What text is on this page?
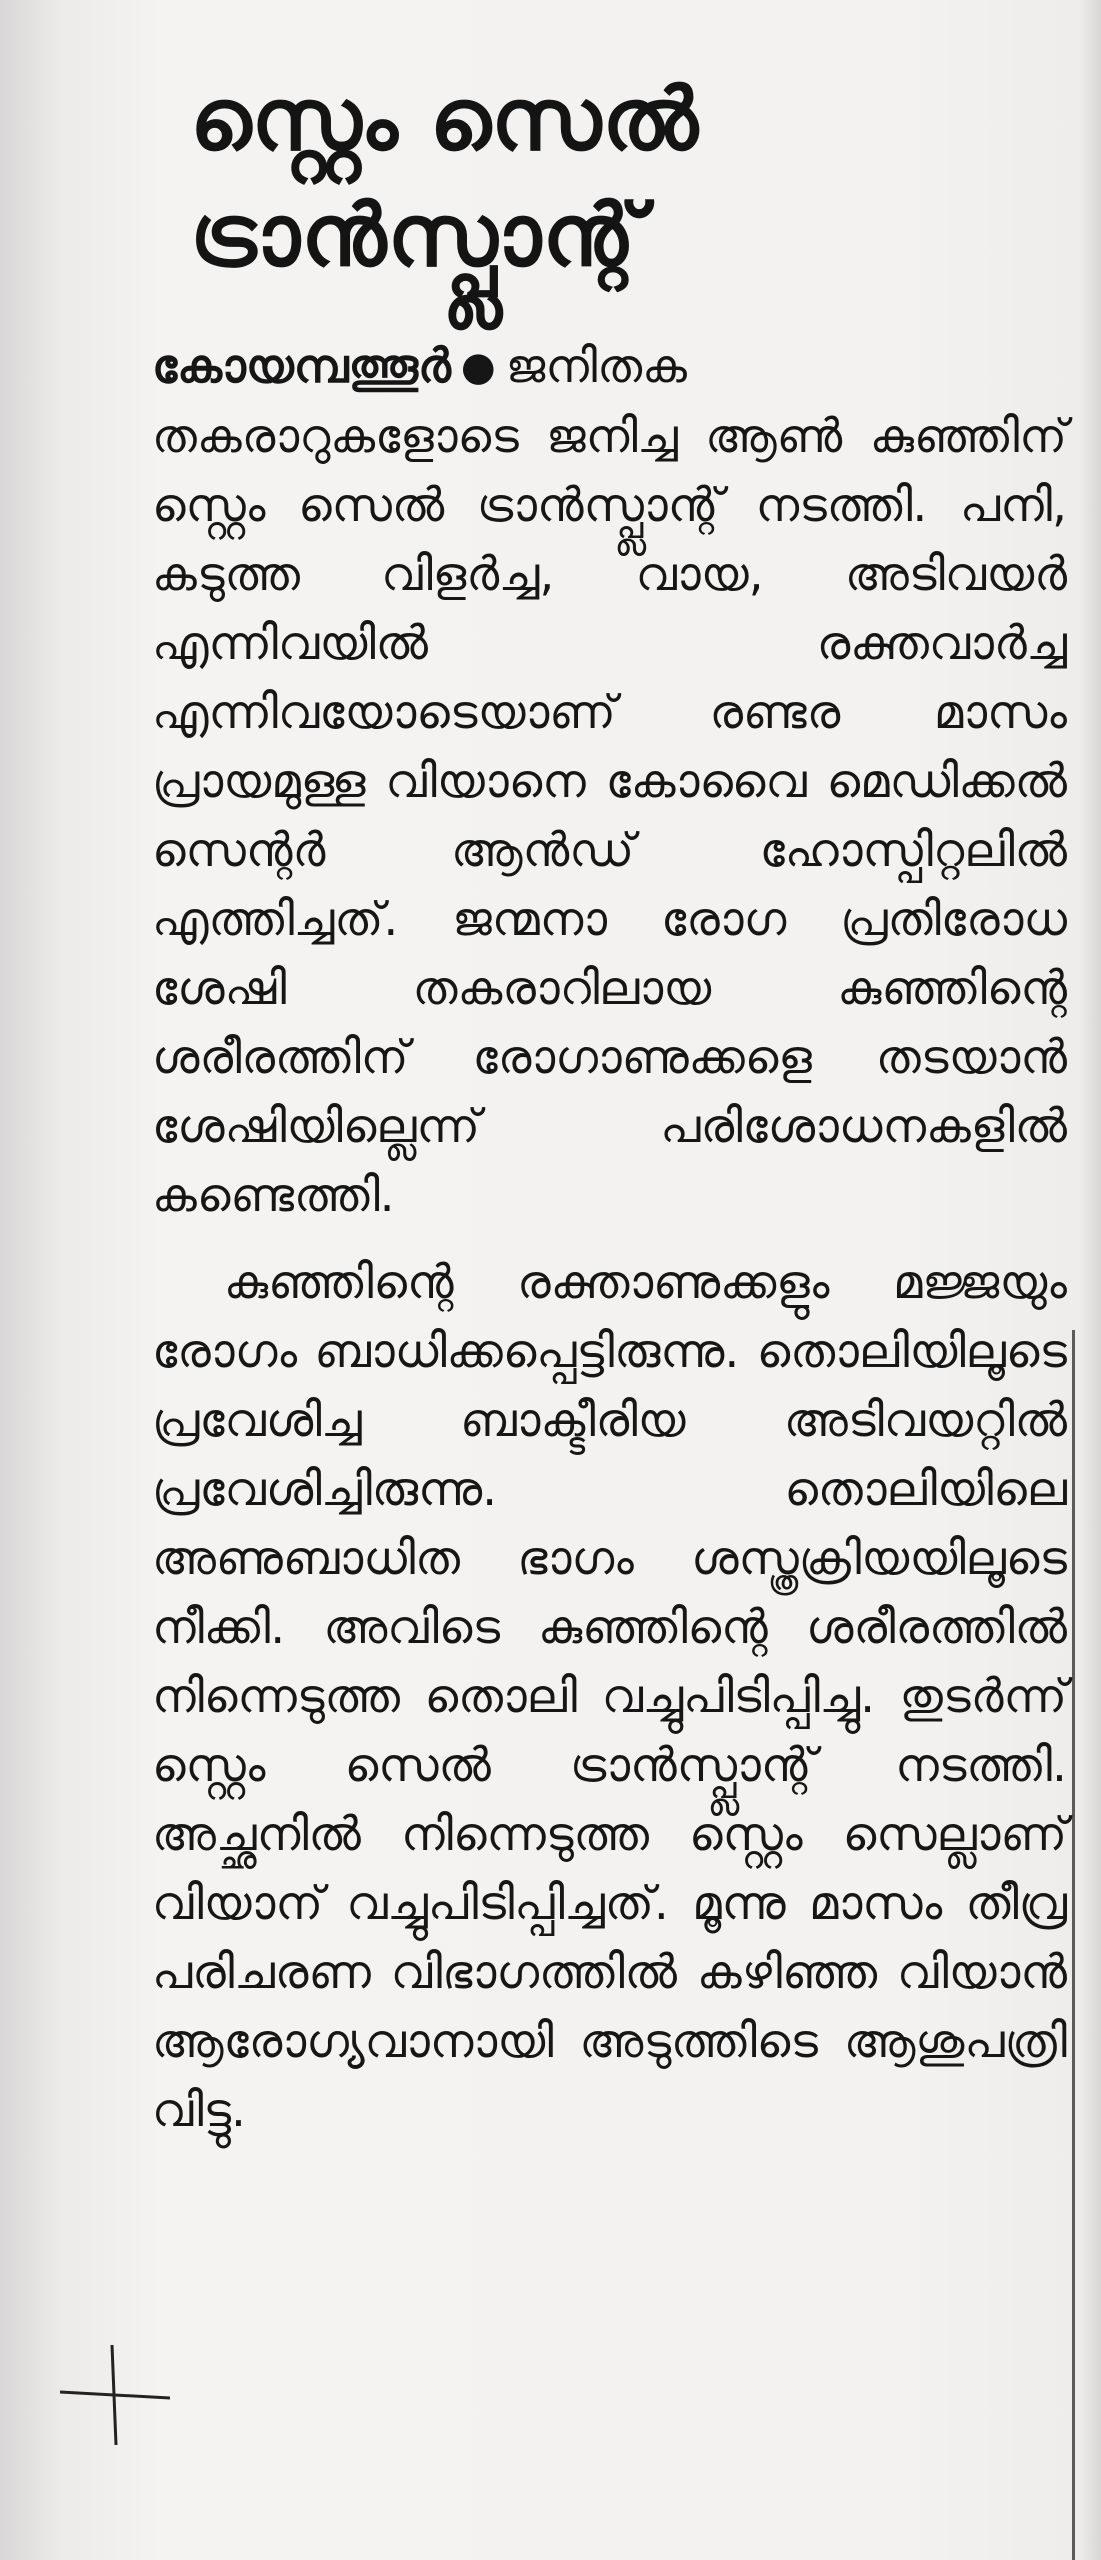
സ്റ്റെം സെൽ
ട്രാൻസ്പ്ലാന്റ്

കോയമ്പത്തൂർ ● ജനിതക തകരാറുകളോടെ ജനിച്ച ആൺ കുഞ്ഞിന് സ്റ്റെം സെൽ ട്രാൻസ്പ്ലാന്റ് നടത്തി. പനി, കടുത്ത വിളർച്ച, വായ, അടിവയർ എന്നിവയിൽ രക്തവാർച്ച എന്നിവയോടെയാണ് രണ്ടര മാസം പ്രായമുള്ള വിയാനെ കോവൈ മെഡിക്കൽ സെന്റർ ആൻഡ് ഹോസ്പിറ്റലിൽ എത്തിച്ചത്. ജന്മനാ രോഗ പ്രതിരോധ ശേഷി തകരാറിലായ കുഞ്ഞിന്റെ ശരീരത്തിന് രോഗാണുക്കളെ തടയാൻ ശേഷിയില്ലെന്ന് പരിശോധനകളിൽ കണ്ടെത്തി.

കുഞ്ഞിന്റെ രക്താണുക്കളും മജ്ജയും രോഗം ബാധിക്കപ്പെട്ടിരുന്നു. തൊലിയിലൂടെ പ്രവേശിച്ച ബാക്ടീരിയ അടിവയറ്റിൽ പ്രവേശിച്ചിരുന്നു. തൊലിയിലെ അണുബാധിത ഭാഗം ശസ്ത്രക്രിയയിലൂടെ നീക്കി. അവിടെ കുഞ്ഞിന്റെ ശരീരത്തിൽ നിന്നെടുത്ത തൊലി വച്ചുപിടിപ്പിച്ചു. തുടർന്ന് സ്റ്റെം സെൽ ട്രാൻസ്പ്ലാന്റ് നടത്തി. അച്ഛനിൽ നിന്നെടുത്ത സ്റ്റെം സെല്ലാണ് വിയാന് വച്ചുപിടിപ്പിച്ചത്. മൂന്നു മാസം തീവ്ര പരിചരണ വിഭാഗത്തിൽ കഴിഞ്ഞ വിയാൻ ആരോഗ്യവാനായി അടുത്തിടെ ആശുപത്രി വിട്ടു.
